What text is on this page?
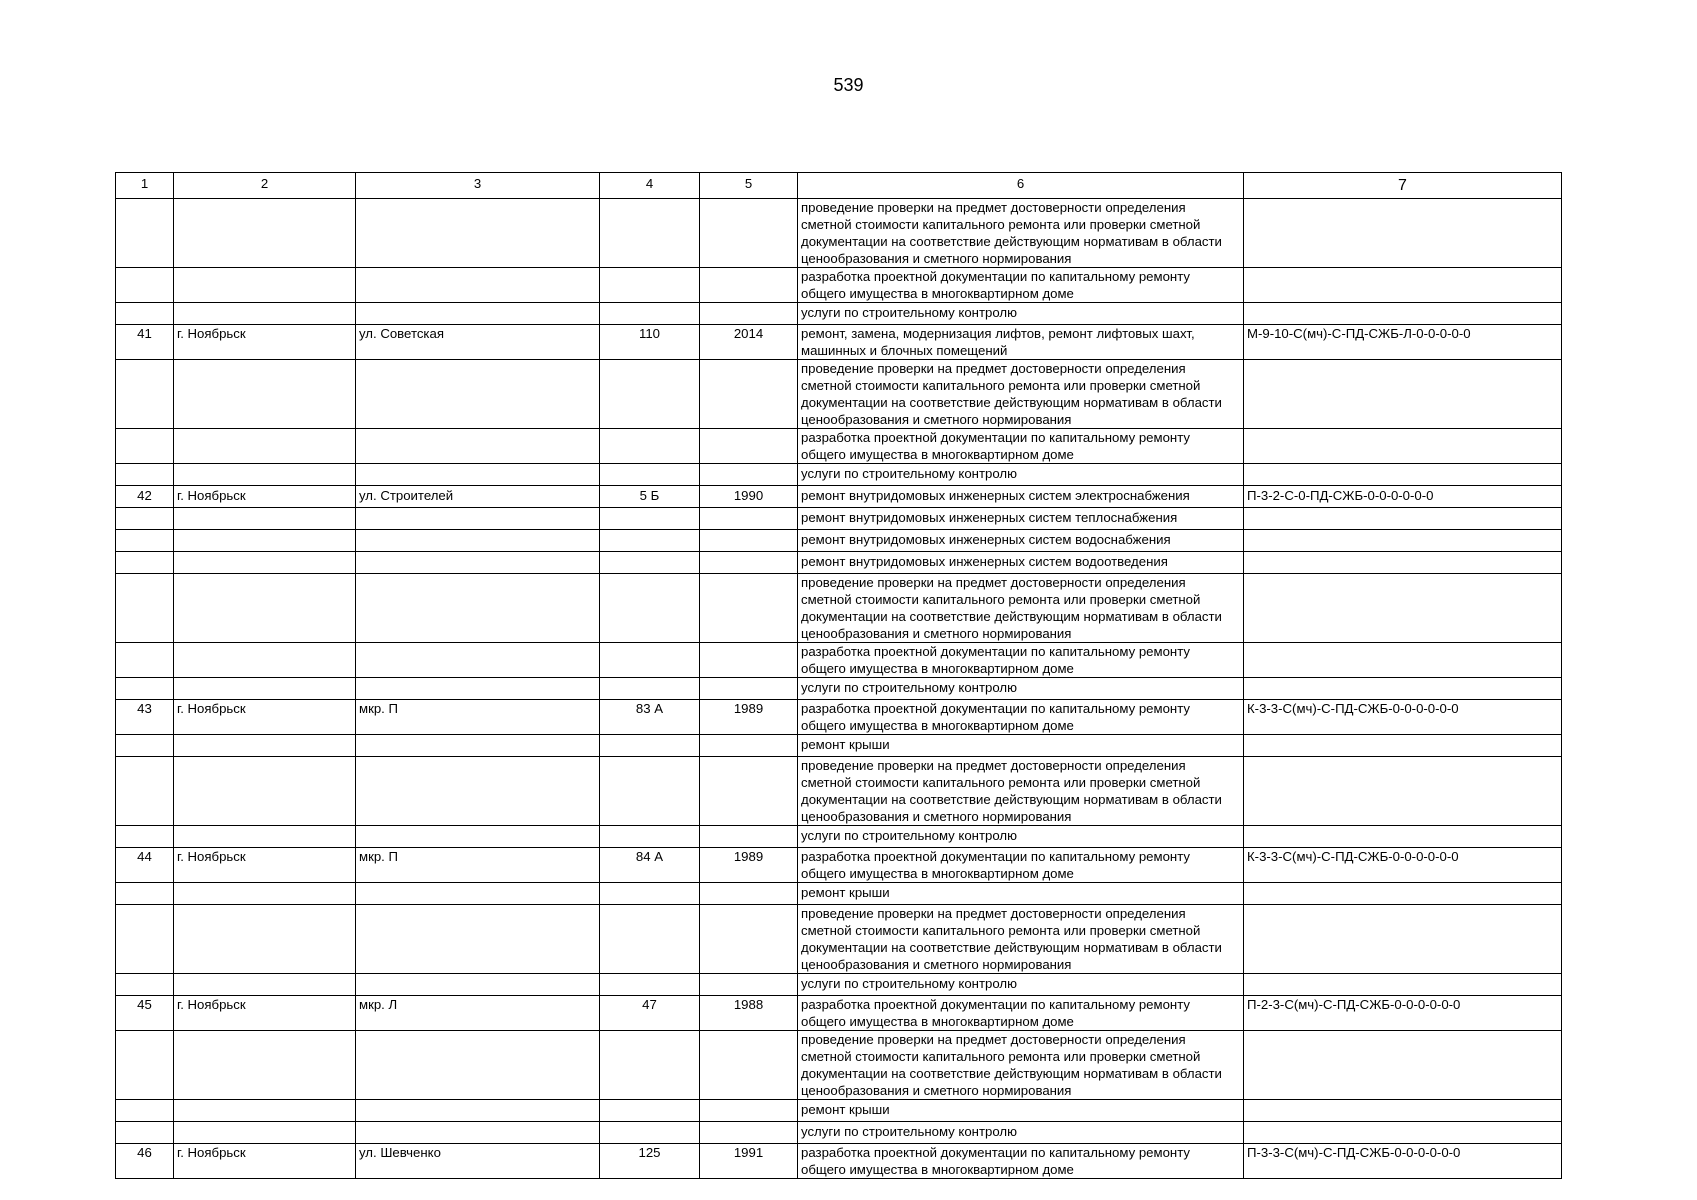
539
1	2	3	4	5	6	7
					проведение проверки на предмет достоверности определения
сметной стоимости капитального ремонта или проверки сметной
документации на соответствие действующим нормативам в области
ценообразования и сметного нормирования	
					разработка проектной документации по капитальному ремонту
общего имущества в многоквартирном доме	
					услуги по строительному контролю	
41	г. Ноябрьск	ул. Советская	110	2014	ремонт, замена, модернизация лифтов, ремонт лифтовых шахт,
машинных и блочных помещений	М-9-10-С(мч)-С-ПД-СЖБ-Л-0-0-0-0-0
					проведение проверки на предмет достоверности определения
сметной стоимости капитального ремонта или проверки сметной
документации на соответствие действующим нормативам в области
ценообразования и сметного нормирования	
					разработка проектной документации по капитальному ремонту
общего имущества в многоквартирном доме	
					услуги по строительному контролю	
42	г. Ноябрьск	ул. Строителей	5 Б	1990	ремонт внутридомовых инженерных систем электроснабжения	П-3-2-С-0-ПД-СЖБ-0-0-0-0-0-0
					ремонт внутридомовых инженерных систем теплоснабжения	
					ремонт внутридомовых инженерных систем водоснабжения	
					ремонт внутридомовых инженерных систем водоотведения	
					проведение проверки на предмет достоверности определения
сметной стоимости капитального ремонта или проверки сметной
документации на соответствие действующим нормативам в области
ценообразования и сметного нормирования	
					разработка проектной документации по капитальному ремонту
общего имущества в многоквартирном доме	
					услуги по строительному контролю	
43	г. Ноябрьск	мкр. П	83 А	1989	разработка проектной документации по капитальному ремонту
общего имущества в многоквартирном доме	К-3-3-С(мч)-С-ПД-СЖБ-0-0-0-0-0-0
					ремонт крыши	
					проведение проверки на предмет достоверности определения
сметной стоимости капитального ремонта или проверки сметной
документации на соответствие действующим нормативам в области
ценообразования и сметного нормирования	
					услуги по строительному контролю	
44	г. Ноябрьск	мкр. П	84 А	1989	разработка проектной документации по капитальному ремонту
общего имущества в многоквартирном доме	К-3-3-С(мч)-С-ПД-СЖБ-0-0-0-0-0-0
					ремонт крыши	
					проведение проверки на предмет достоверности определения
сметной стоимости капитального ремонта или проверки сметной
документации на соответствие действующим нормативам в области
ценообразования и сметного нормирования	
					услуги по строительному контролю	
45	г. Ноябрьск	мкр. Л	47	1988	разработка проектной документации по капитальному ремонту
общего имущества в многоквартирном доме	П-2-3-С(мч)-С-ПД-СЖБ-0-0-0-0-0-0
					проведение проверки на предмет достоверности определения
сметной стоимости капитального ремонта или проверки сметной
документации на соответствие действующим нормативам в области
ценообразования и сметного нормирования	
					ремонт крыши	
					услуги по строительному контролю	
46	г. Ноябрьск	ул. Шевченко	125	1991	разработка проектной документации по капитальному ремонту
общего имущества в многоквартирном доме	П-3-3-С(мч)-С-ПД-СЖБ-0-0-0-0-0-0
